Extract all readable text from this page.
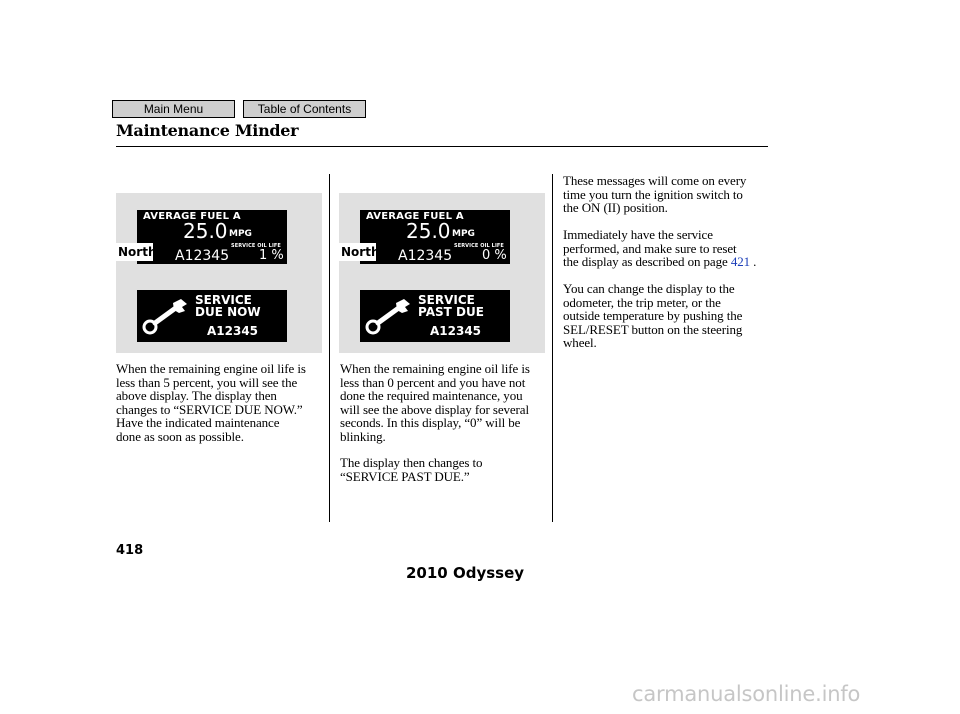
Main Menu	Table of Contents
Maintenance Minder
AVERAGE FUEL A
25.0 MPG
SERVICE OIL LIFE
A12345 1 %
North
SERVICE
DUE NOW
A12345
AVERAGE FUEL A
25.0 MPG
SERVICE OIL LIFE
A12345 0 %
North
SERVICE
PAST DUE
A12345
When the remaining engine oil life is
less than 5 percent, you will see the
above display. The display then
changes to “SERVICE DUE NOW.”
Have the indicated maintenance
done as soon as possible.
When the remaining engine oil life is
less than 0 percent and you have not
done the required maintenance, you
will see the above display for several
seconds. In this display, “0” will be
blinking.
The display then changes to
“SERVICE PAST DUE.”
These messages will come on every
time you turn the ignition switch to
the ON (II) position.
Immediately have the service
performed, and make sure to reset
the display as described on page 421 .
You can change the display to the
odometer, the trip meter, or the
outside temperature by pushing the
SEL/RESET button on the steering
wheel.
418
2010 Odyssey
carmanualsonline.info
